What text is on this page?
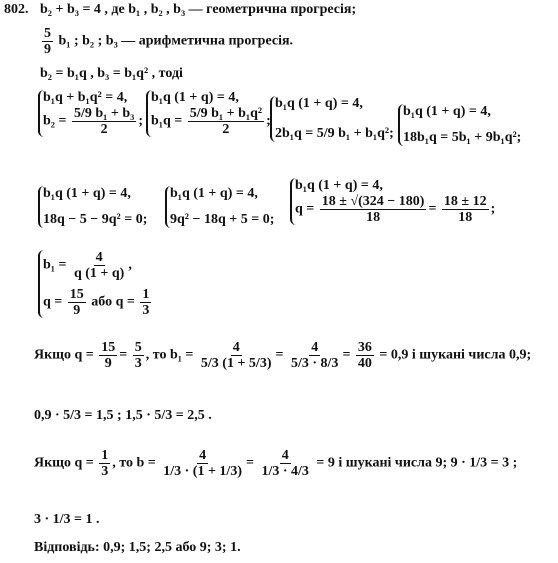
802. b₂ + b₃ = 4 , де b₁ , b₂ , b₃ — геометрична прогресія;
$\frac{5}{9} b_1$ ; b₂ ; b₃ — арифметична прогресія.
b₂ = b₁q , b₃ = b₁q² , тоді
b₁q + b₁q² = 4,
$b_2 = \frac{\text{5/9 b₁ + b₃}}{2}$ ;
b₁q (1 + q) = 4,
$b_1q = \frac{\text{5/9 b₁ + b₁q²}}{2}$ ;
b₁q (1 + q) = 4,
2b₁q = 5/9 b₁ + b₁q²;
b₁q (1 + q) = 4,
18b₁q = 5b₁ + 9b₁q²;
b₁q (1 + q) = 4,
18q − 5 − 9q² = 0;
b₁q (1 + q) = 4,
9q² − 18q + 5 = 0;
b₁q (1 + q) = 4,
$q = \frac{18 \pm √(324 - 180)}{18} = \frac{18 \pm 12}{18}$ ;
$b_1 = \frac{4}{q (1 + q)}$ ,
$q = \frac{15}{9}$ або $q = \frac{1}{3}$
Якщо $q = \frac{15}{9} = \frac{5}{3}$ , то $b_1 = \frac{4}{5/3 (1 + 5/3)} = \frac{4}{5/3 \cdot 8/3} = \frac{36}{40} = 0,9$ і шукані числа 0,9;
0,9 · 5/3 = 1,5 ; 1,5 · 5/3 = 2,5 .
Якщо $q = \frac{1}{3}$ , то $b = \frac{4}{1/3 \cdot (1 + 1/3)} = \frac{4}{1/3 \cdot 4/3} = 9$ і шукані числа 9; 9 · 1/3 = 3 ;
3 · 1/3 = 1 .
Відповідь: 0,9; 1,5; 2,5 або 9; 3; 1.
